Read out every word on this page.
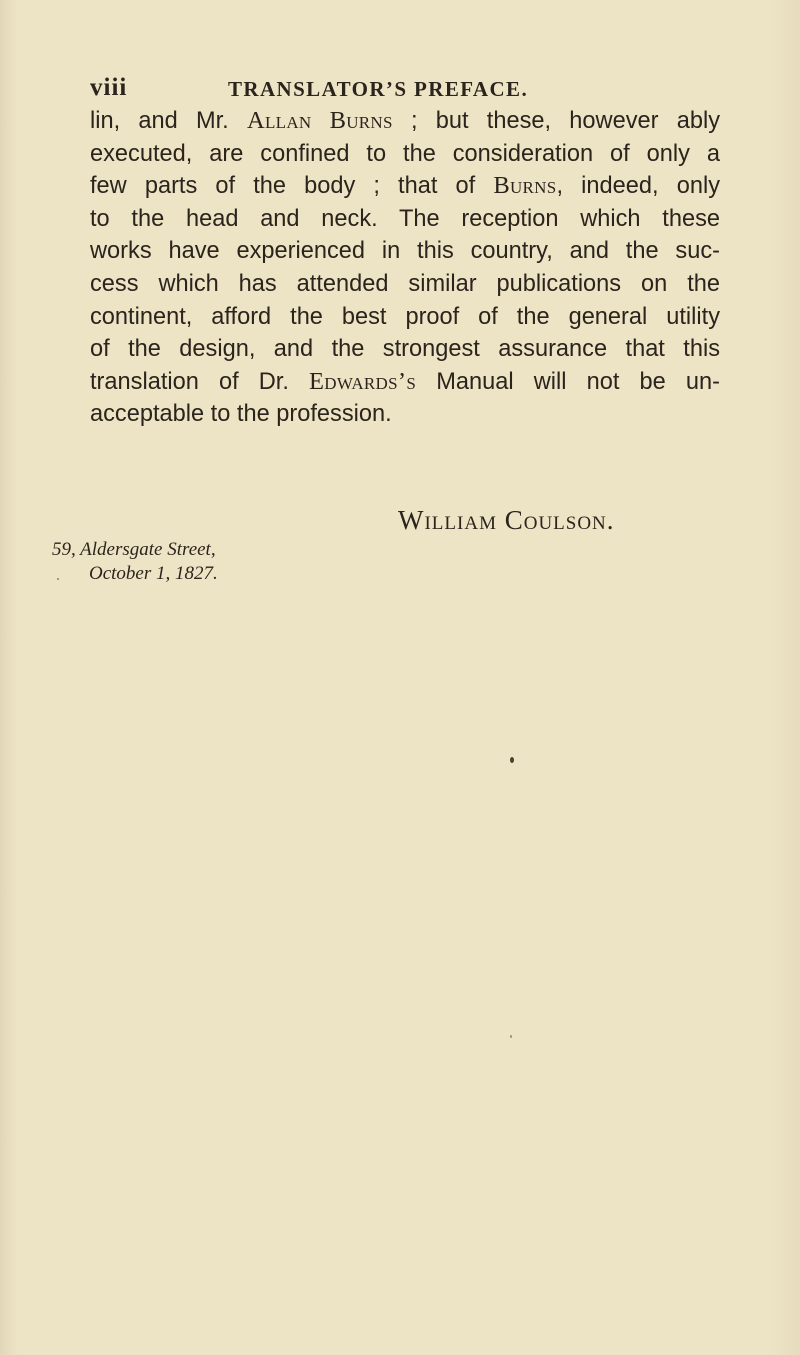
viii	TRANSLATOR’S PREFACE.
lin, and Mr. Allan Burns ; but these, however ably
executed, are confined to the consideration of only a
few parts of the body ; that of Burns, indeed, only
to the head and neck. The reception which these
works have experienced in this country, and the suc-
cess which has attended similar publications on the
continent, afford the best proof of the general utility
of the design, and the strongest assurance that this
translation of Dr. Edwards’s Manual will not be un-
acceptable to the profession.
William Coulson.
59, Aldersgate Street,
October 1, 1827.
